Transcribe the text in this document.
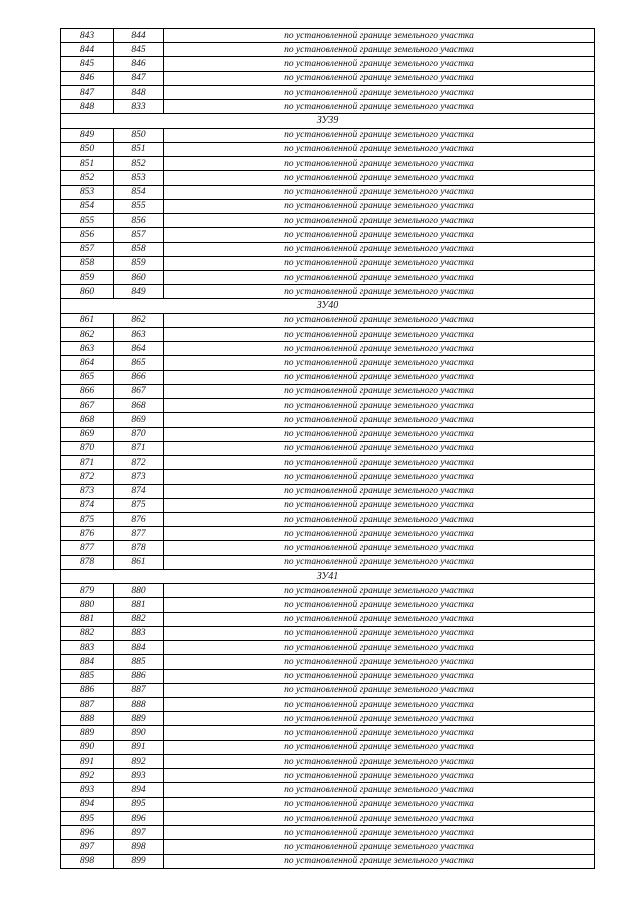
843	844	по установленной границе земельного участка
844	845	по установленной границе земельного участка
845	846	по установленной границе земельного участка
846	847	по установленной границе земельного участка
847	848	по установленной границе земельного участка
848	833	по установленной границе земельного участка
ЗУ39		
849	850	по установленной границе земельного участка
850	851	по установленной границе земельного участка
851	852	по установленной границе земельного участка
852	853	по установленной границе земельного участка
853	854	по установленной границе земельного участка
854	855	по установленной границе земельного участка
855	856	по установленной границе земельного участка
856	857	по установленной границе земельного участка
857	858	по установленной границе земельного участка
858	859	по установленной границе земельного участка
859	860	по установленной границе земельного участка
860	849	по установленной границе земельного участка
ЗУ40		
861	862	по установленной границе земельного участка
862	863	по установленной границе земельного участка
863	864	по установленной границе земельного участка
864	865	по установленной границе земельного участка
865	866	по установленной границе земельного участка
866	867	по установленной границе земельного участка
867	868	по установленной границе земельного участка
868	869	по установленной границе земельного участка
869	870	по установленной границе земельного участка
870	871	по установленной границе земельного участка
871	872	по установленной границе земельного участка
872	873	по установленной границе земельного участка
873	874	по установленной границе земельного участка
874	875	по установленной границе земельного участка
875	876	по установленной границе земельного участка
876	877	по установленной границе земельного участка
877	878	по установленной границе земельного участка
878	861	по установленной границе земельного участка
ЗУ41		
879	880	по установленной границе земельного участка
880	881	по установленной границе земельного участка
881	882	по установленной границе земельного участка
882	883	по установленной границе земельного участка
883	884	по установленной границе земельного участка
884	885	по установленной границе земельного участка
885	886	по установленной границе земельного участка
886	887	по установленной границе земельного участка
887	888	по установленной границе земельного участка
888	889	по установленной границе земельного участка
889	890	по установленной границе земельного участка
890	891	по установленной границе земельного участка
891	892	по установленной границе земельного участка
892	893	по установленной границе земельного участка
893	894	по установленной границе земельного участка
894	895	по установленной границе земельного участка
895	896	по установленной границе земельного участка
896	897	по установленной границе земельного участка
897	898	по установленной границе земельного участка
898	899	по установленной границе земельного участка
